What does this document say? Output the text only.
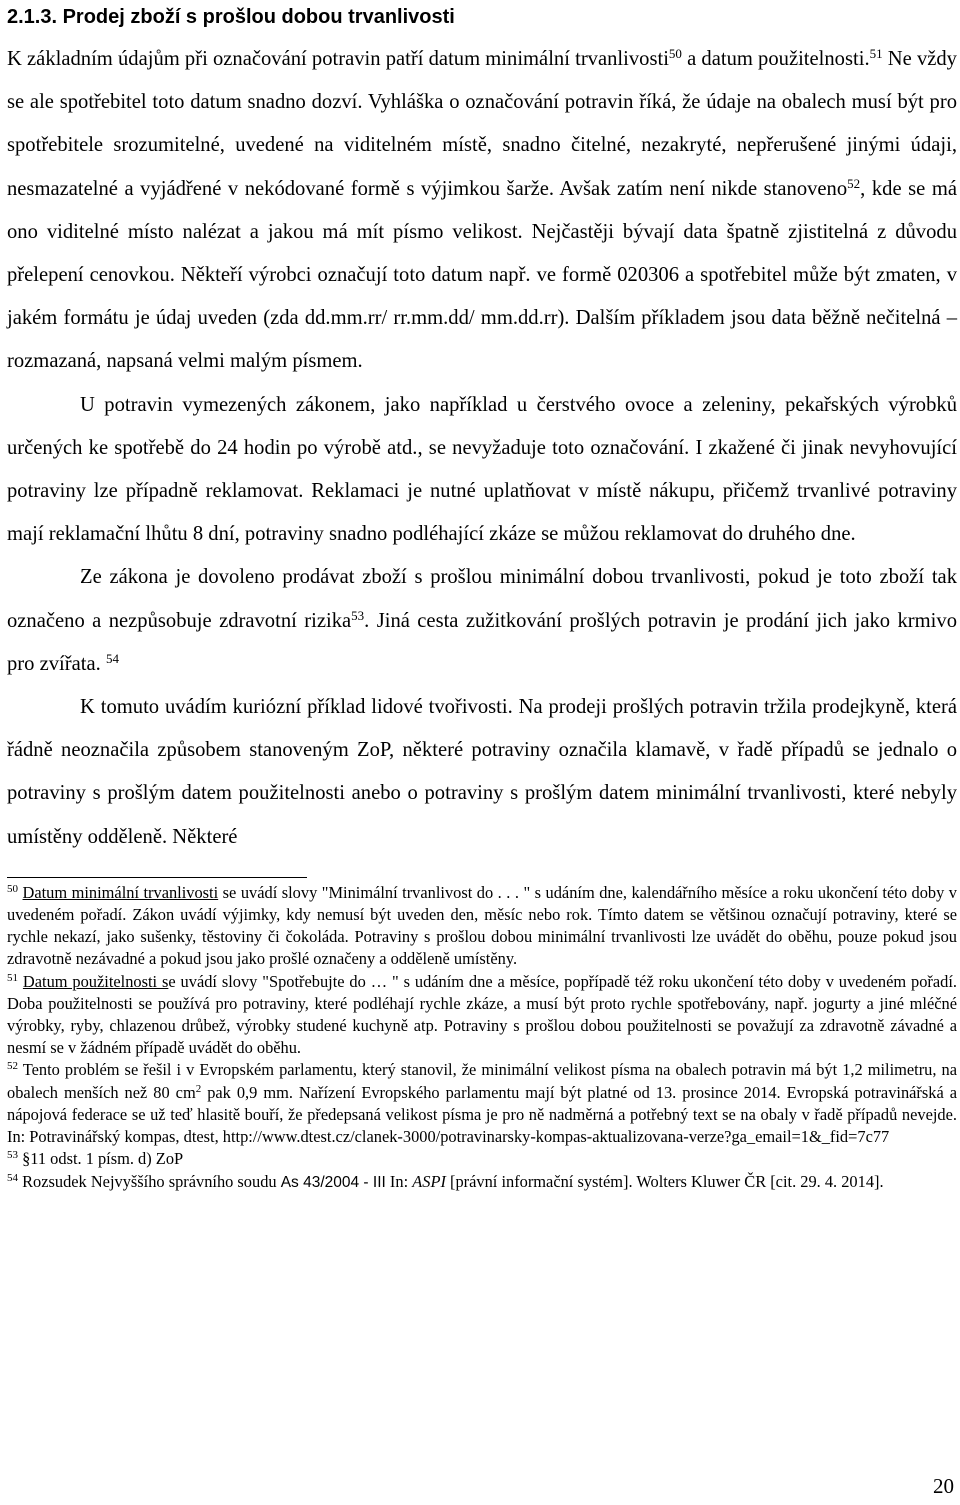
2.1.3. Prodej zboží s prošlou dobou trvanlivosti

K základním údajům při označování potravin patří datum minimální trvanlivosti$^{50}$ a datum použitelnosti.$^{51}$ Ne vždy se ale spotřebitel toto datum snadno dozví. Vyhláška o označování potravin říká, že údaje na obalech musí být pro spotřebitele srozumitelné, uvedené na viditelném místě, snadno čitelné, nezakryté, nepřerušené jinými údaji, nesmazatelné a vyjádřené v nekódované formě s výjimkou šarže. Avšak zatím není nikde stanoveno$^{52}$, kde se má ono viditelné místo nalézat a jakou má mít písmo velikost. Nejčastěji bývají data špatně zjistitelná z důvodu přelepení cenovkou. Někteří výrobci označují toto datum např. ve formě 020306 a spotřebitel může být zmaten, v jakém formátu je údaj uveden (zda dd.mm.rr/ rr.mm.dd/ mm.dd.rr). Dalším příkladem jsou data běžně nečitelná – rozmazaná, napsaná velmi malým písmem.

U potravin vymezených zákonem, jako například u čerstvého ovoce a zeleniny, pekařských výrobků určených ke spotřebě do 24 hodin po výrobě atd., se nevyžaduje toto označování. I zkažené či jinak nevyhovující potraviny lze případně reklamovat. Reklamaci je nutné uplatňovat v místě nákupu, přičemž trvanlivé potraviny mají reklamační lhůtu 8 dní, potraviny snadno podléhající zkáze se můžou reklamovat do druhého dne.

Ze zákona je dovoleno prodávat zboží s prošlou minimální dobou trvanlivosti, pokud je toto zboží tak označeno a nezpůsobuje zdravotní rizika$^{53}$. Jiná cesta zužitkování prošlých potravin je prodání jich jako krmivo pro zvířata. $^{54}$

K tomuto uvádím kuriózní příklad lidové tvořivosti. Na prodeji prošlých potravin tržila prodejkyně, která řádně neoznačila způsobem stanoveným ZoP, některé potraviny označila klamavě, v řadě případů se jednalo o potraviny s prošlým datem použitelnosti anebo o potraviny s prošlým datem minimální trvanlivosti, které nebyly umístěny odděleně. Některé

$^{50}$ Datum minimální trvanlivosti se uvádí slovy "Minimální trvanlivost do . . . " s udáním dne, kalendářního měsíce a roku ukončení této doby v uvedeném pořadí. Zákon uvádí výjimky, kdy nemusí být uveden den, měsíc nebo rok. Tímto datem se většinou označují potraviny, které se rychle nekazí, jako sušenky, těstoviny či čokoláda. Potraviny s prošlou dobou minimální trvanlivosti lze uvádět do oběhu, pouze pokud jsou zdravotně nezávadné a pokud jsou jako prošlé označeny a odděleně umístěny.

$^{51}$ Datum použitelnosti se uvádí slovy "Spotřebujte do … " s udáním dne a měsíce, popřípadě též roku ukončení této doby v uvedeném pořadí. Doba použitelnosti se používá pro potraviny, které podléhají rychle zkáze, a musí být proto rychle spotřebovány, např. jogurty a jiné mléčné výrobky, ryby, chlazenou drůbež, výrobky studené kuchyně atp. Potraviny s prošlou dobou použitelnosti se považují za zdravotně závadné a nesmí se v žádném případě uvádět do oběhu.

$^{52}$ Tento problém se řešil i v Evropském parlamentu, který stanovil, že minimální velikost písma na obalech potravin má být 1,2 milimetru, na obalech menších než 80 $cm^2$ pak 0,9 mm. Nařízení Evropského parlamentu mají být platné od 13. prosince 2014. Evropská potravinářská a nápojová federace se už teď hlasitě bouří, že předepsaná velikost písma je pro ně nadměrná a potřebný text se na obaly v řadě případů nevejde. In: Potravinářský kompas, dtest, http://www.dtest.cz/clanek-3000/potravinarsky-kompas-aktualizovana-verze?ga_email=1&_fid=7c77

$^{53}$ §11 odst. 1 písm. d) ZoP

$^{54}$ Rozsudek Nejvyššího správního soudu As 43/2004 - III In: ASPI [právní informační systém]. Wolters Kluwer ČR [cit. 29. 4. 2014].

20
